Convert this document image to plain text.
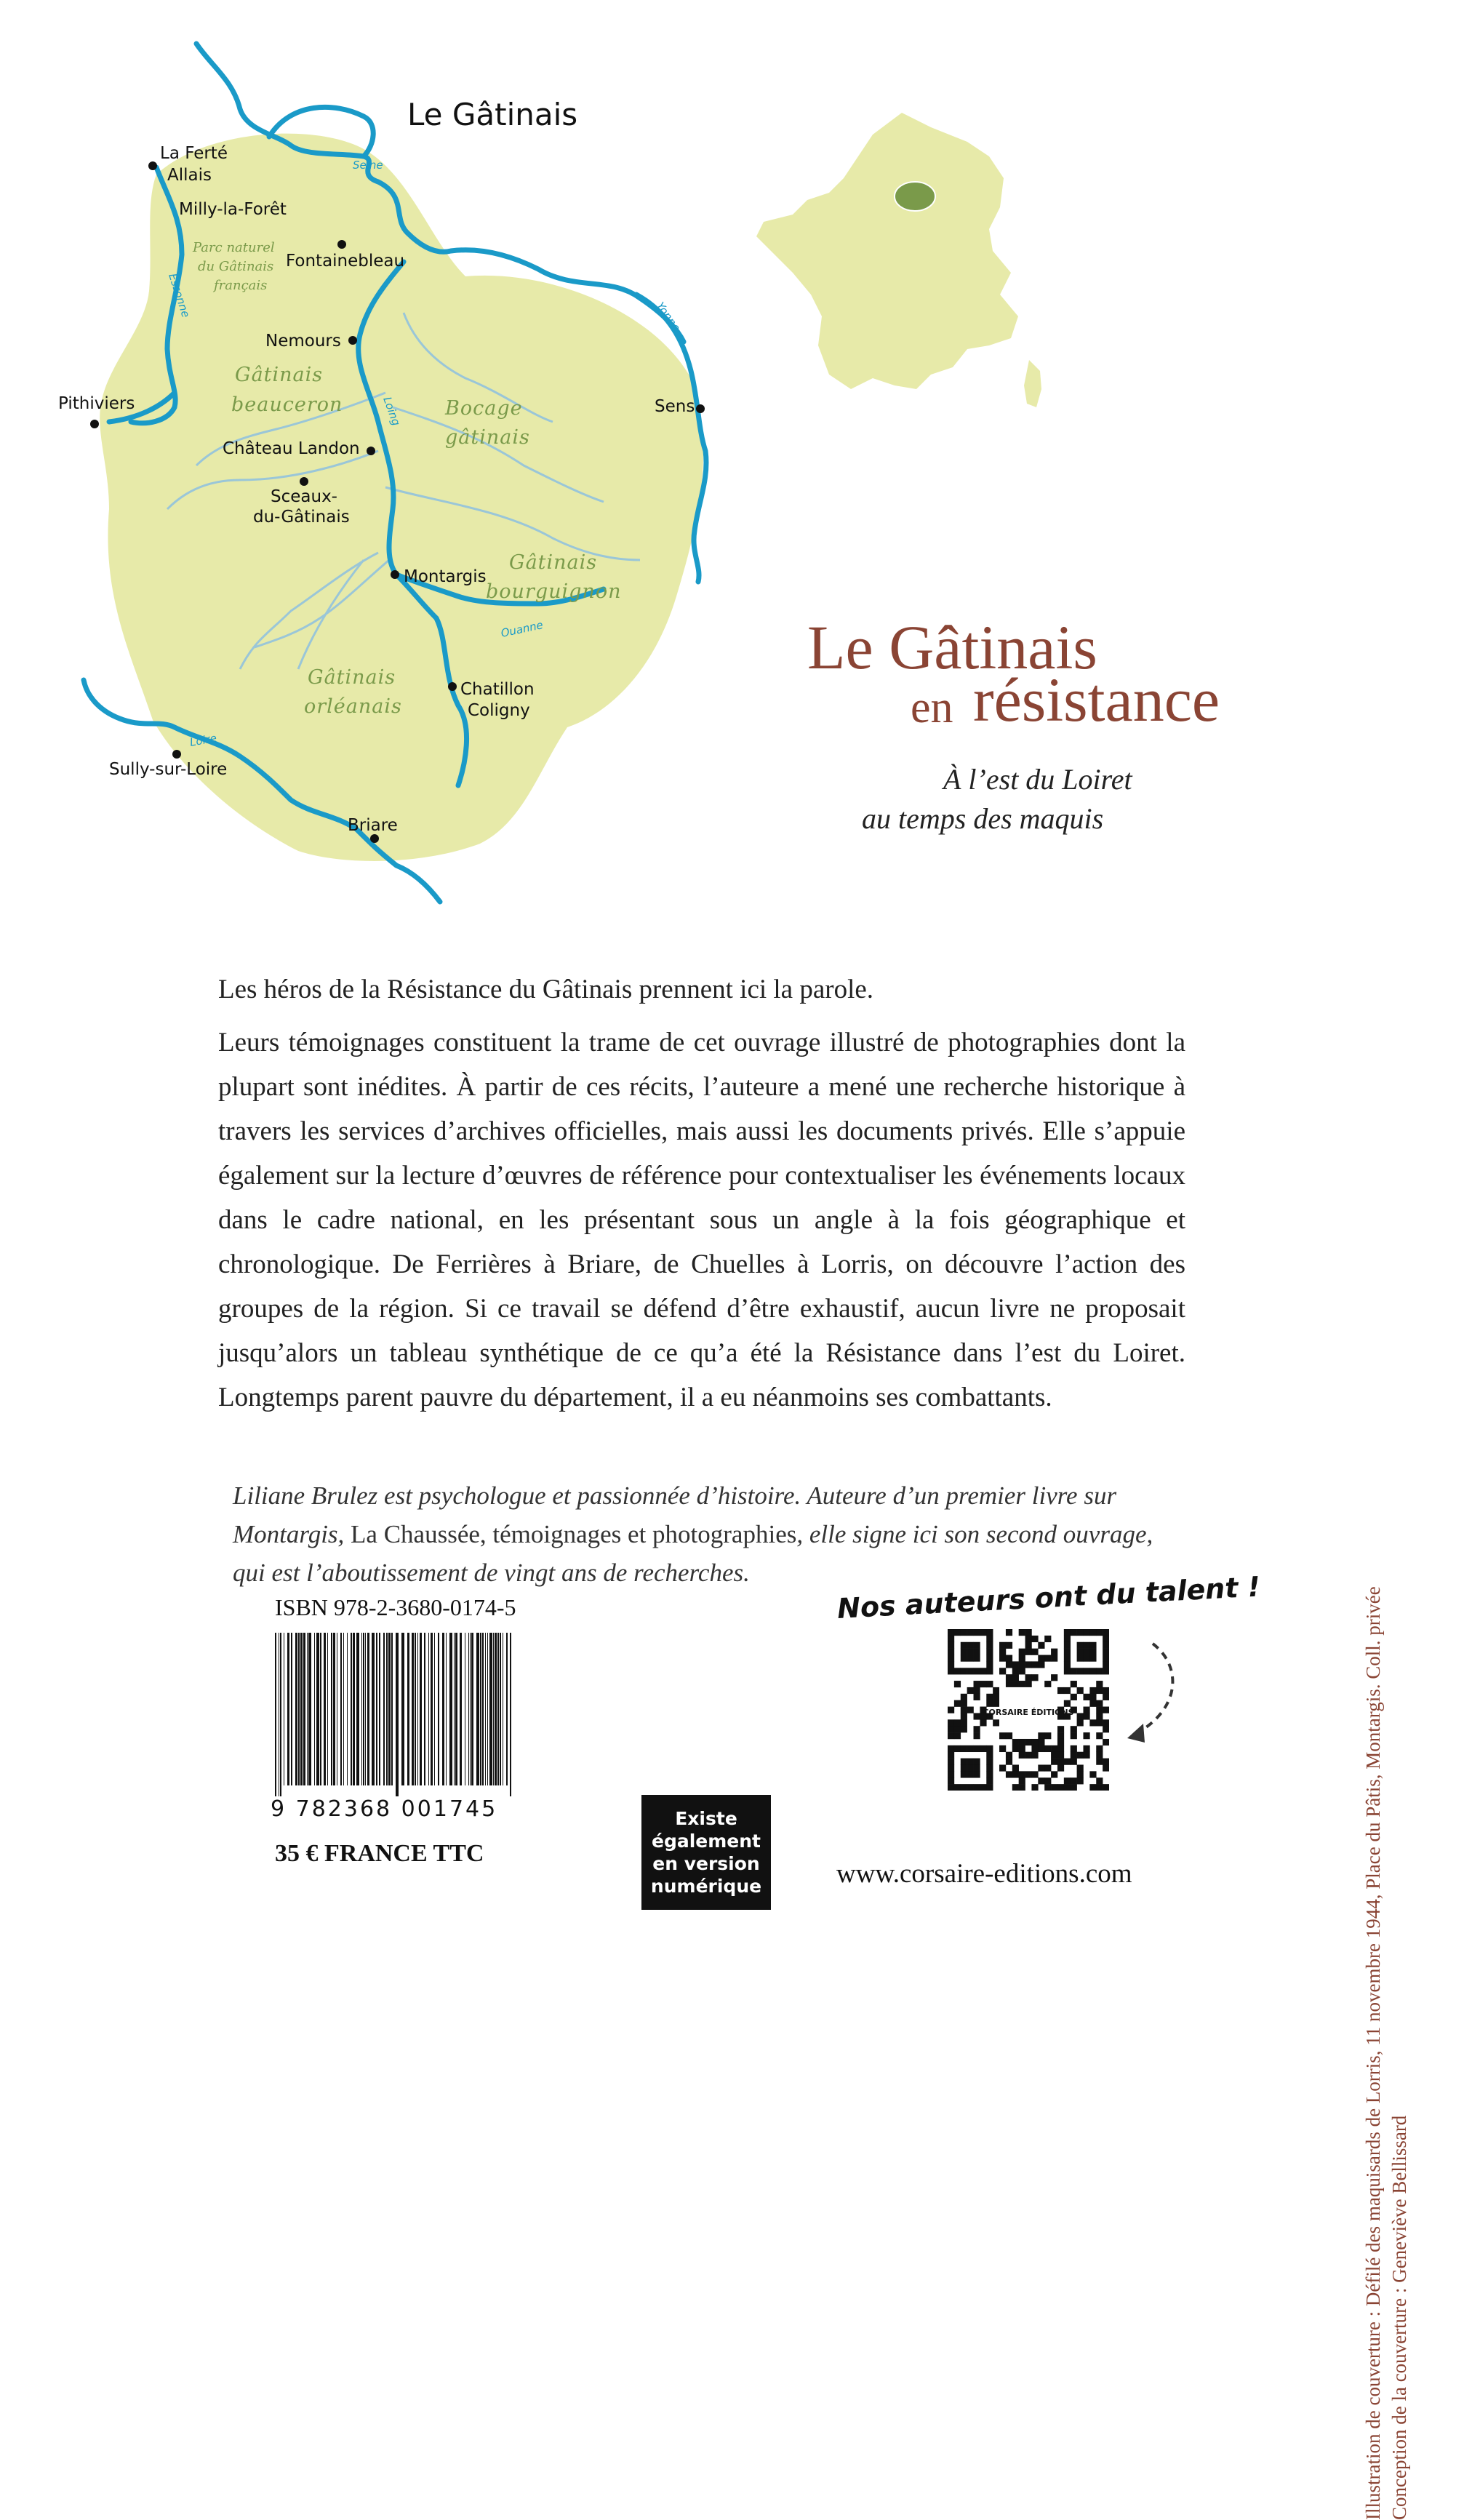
Le Gâtinais
La Ferté
Allais
Milly-la-Forêt
Fontainebleau
Nemours
Pithiviers	Sens
Château Landon
Sceaux-
du-Gâtinais
Montargis
Chatillon
Coligny
Sully-sur-Loire
Briare
Parc naturel
du Gâtinais
français
Gâtinais
beauceron	Bocage
gâtinais
Gâtinais
bourguignon
Gâtinais
orléanais
Seine
Essonne	Yonne
Loing
Ouanne
Loire
Le Gâtinais
en résistance
À l’est du Loiret
au temps des maquis

Les héros de la Résistance du Gâtinais prennent ici la parole.

Leurs témoignages constituent la trame de cet ouvrage illustré de photographies dont la plupart sont inédites. À partir de ces récits, l’auteure a mené une recherche historique à travers les services d’archives officielles, mais aussi les documents privés. Elle s’appuie également sur la lecture d’œuvres de référence pour contextualiser les événements locaux dans le cadre national, en les présentant sous un angle à la fois géographique et chronologique. De Ferrières à Briare, de Chuelles à Lorris, on découvre l’action des groupes de la région. Si ce travail se défend d’être exhaustif, aucun livre ne proposait jusqu’alors un tableau synthétique de ce qu’a été la Résistance dans l’est du Loiret. Longtemps parent pauvre du département, il a eu néanmoins ses combattants.

Liliane Brulez est psychologue et passionnée d’histoire. Auteure d’un premier livre sur Montargis, La Chaussée, témoignages et photographies, elle signe ici son second ouvrage, qui est l’aboutissement de vingt ans de recherches.
Illustration de couverture : Défilé des maquisards de Lorris, 11 novembre 1944, Place du Pâtis, Montargis. Coll. privée Conception de la couverture : Geneviève Bellissard
ISBN 978-2-3680-0174-5
9 782368 001745
35 € FRANCE TTC
Existe également en version numérique
Nos auteurs ont du talent !
CORSAIRE ÉDITIONS
www.corsaire-editions.com
